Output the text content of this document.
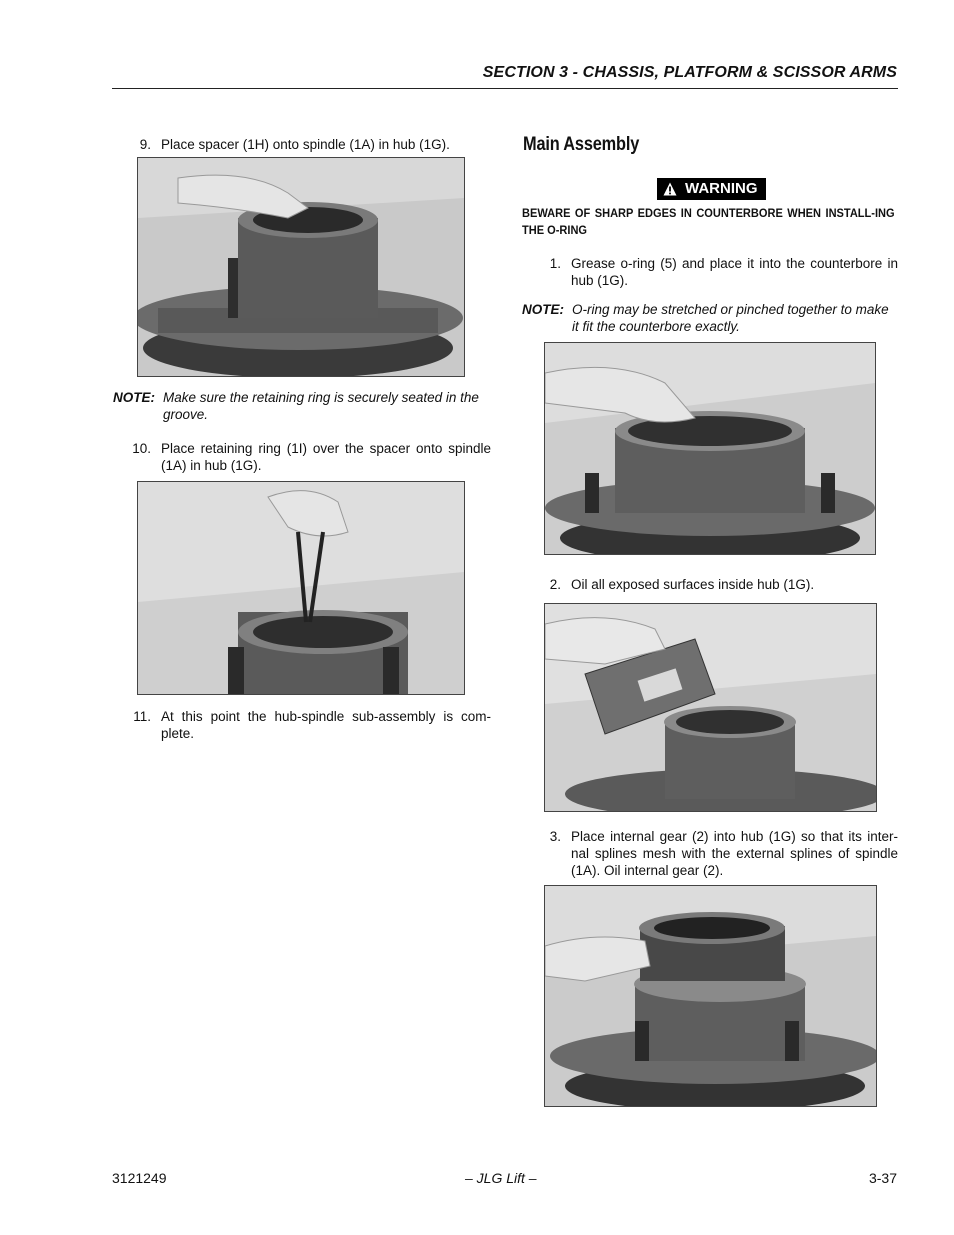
SECTION 3 - CHASSIS, PLATFORM & SCISSOR ARMS
9. Place spacer (1H) onto spindle (1A) in hub (1G).
NOTE: Make sure the retaining ring is securely seated in the groove.
10. Place retaining ring (1I) over the spacer onto spindle (1A) in hub (1G).
11. At this point the hub-spindle sub-assembly is com-plete.
Main Assembly
WARNING
BEWARE OF SHARP EDGES IN COUNTERBORE WHEN INSTALL-ING THE O-RING
1. Grease o-ring (5) and place it into the counterbore in hub (1G).
NOTE: O-ring may be stretched or pinched together to make it fit the counterbore exactly.
2. Oil all exposed surfaces inside hub (1G).
3. Place internal gear (2) into hub (1G) so that its inter-nal splines mesh with the external splines of spindle (1A). Oil internal gear (2).
3121249	– JLG Lift –	3-37
